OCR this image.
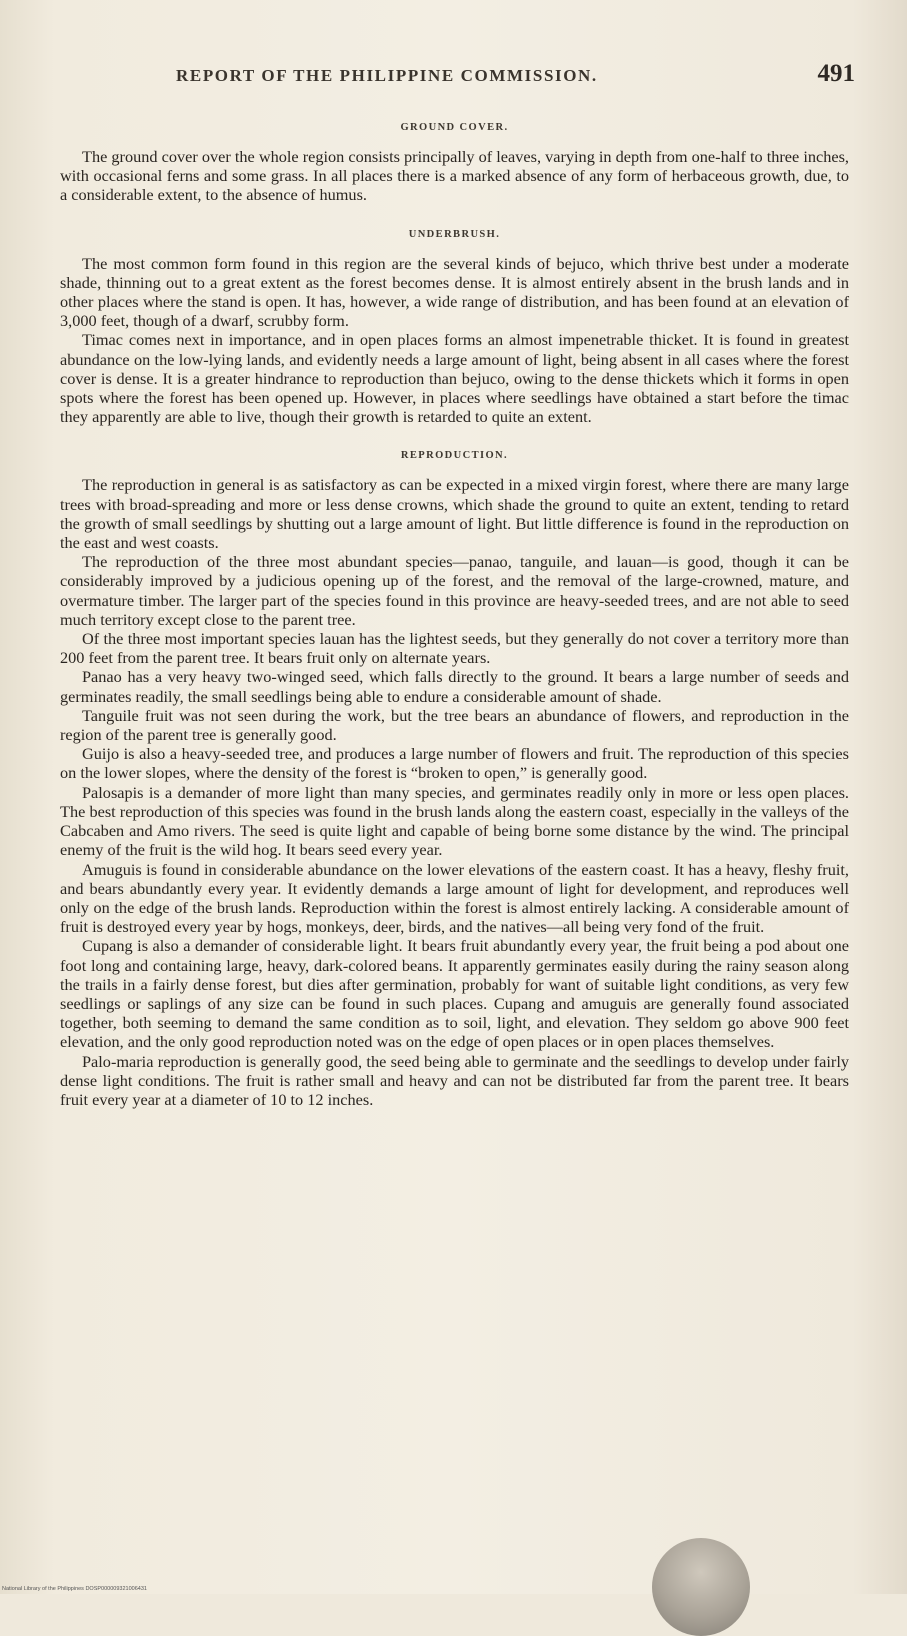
REPORT OF THE PHILIPPINE COMMISSION.	491
GROUND COVER.

The ground cover over the whole region consists principally of leaves, varying in depth from one-half to three inches, with occasional ferns and some grass. In all places there is a marked absence of any form of herbaceous growth, due, to a considerable extent, to the absence of humus.

UNDERBRUSH.

The most common form found in this region are the several kinds of bejuco, which thrive best under a moderate shade, thinning out to a great extent as the forest becomes dense. It is almost entirely absent in the brush lands and in other places where the stand is open. It has, however, a wide range of distribution, and has been found at an elevation of 3,000 feet, though of a dwarf, scrubby form.

Timac comes next in importance, and in open places forms an almost impenetrable thicket. It is found in greatest abundance on the low-lying lands, and evidently needs a large amount of light, being absent in all cases where the forest cover is dense. It is a greater hindrance to reproduction than bejuco, owing to the dense thickets which it forms in open spots where the forest has been opened up. However, in places where seedlings have obtained a start before the timac they apparently are able to live, though their growth is retarded to quite an extent.

REPRODUCTION.

The reproduction in general is as satisfactory as can be expected in a mixed virgin forest, where there are many large trees with broad-spreading and more or less dense crowns, which shade the ground to quite an extent, tending to retard the growth of small seedlings by shutting out a large amount of light. But little difference is found in the reproduction on the east and west coasts.

The reproduction of the three most abundant species—panao, tanguile, and lauan—is good, though it can be considerably improved by a judicious opening up of the forest, and the removal of the large-crowned, mature, and overmature timber. The larger part of the species found in this province are heavy-seeded trees, and are not able to seed much territory except close to the parent tree.

Of the three most important species lauan has the lightest seeds, but they generally do not cover a territory more than 200 feet from the parent tree. It bears fruit only on alternate years.

Panao has a very heavy two-winged seed, which falls directly to the ground. It bears a large number of seeds and germinates readily, the small seedlings being able to endure a considerable amount of shade.

Tanguile fruit was not seen during the work, but the tree bears an abundance of flowers, and reproduction in the region of the parent tree is generally good.

Guijo is also a heavy-seeded tree, and produces a large number of flowers and fruit. The reproduction of this species on the lower slopes, where the density of the forest is “broken to open,” is generally good.

Palosapis is a demander of more light than many species, and germinates readily only in more or less open places. The best reproduction of this species was found in the brush lands along the eastern coast, especially in the valleys of the Cabcaben and Amo rivers. The seed is quite light and capable of being borne some distance by the wind. The principal enemy of the fruit is the wild hog. It bears seed every year.

Amuguis is found in considerable abundance on the lower elevations of the eastern coast. It has a heavy, fleshy fruit, and bears abundantly every year. It evidently demands a large amount of light for development, and reproduces well only on the edge of the brush lands. Reproduction within the forest is almost entirely lacking. A considerable amount of fruit is destroyed every year by hogs, monkeys, deer, birds, and the natives—all being very fond of the fruit.

Cupang is also a demander of considerable light. It bears fruit abundantly every year, the fruit being a pod about one foot long and containing large, heavy, dark-colored beans. It apparently germinates easily during the rainy season along the trails in a fairly dense forest, but dies after germination, probably for want of suitable light conditions, as very few seedlings or saplings of any size can be found in such places. Cupang and amuguis are generally found associated together, both seeming to demand the same condition as to soil, light, and elevation. They seldom go above 900 feet elevation, and the only good reproduction noted was on the edge of open places or in open places themselves.

Palo-maria reproduction is generally good, the seed being able to germinate and the seedlings to develop under fairly dense light conditions. The fruit is rather small and heavy and can not be distributed far from the parent tree. It bears fruit every year at a diameter of 10 to 12 inches.

National Library of the Philippines DOSP000009321006431
